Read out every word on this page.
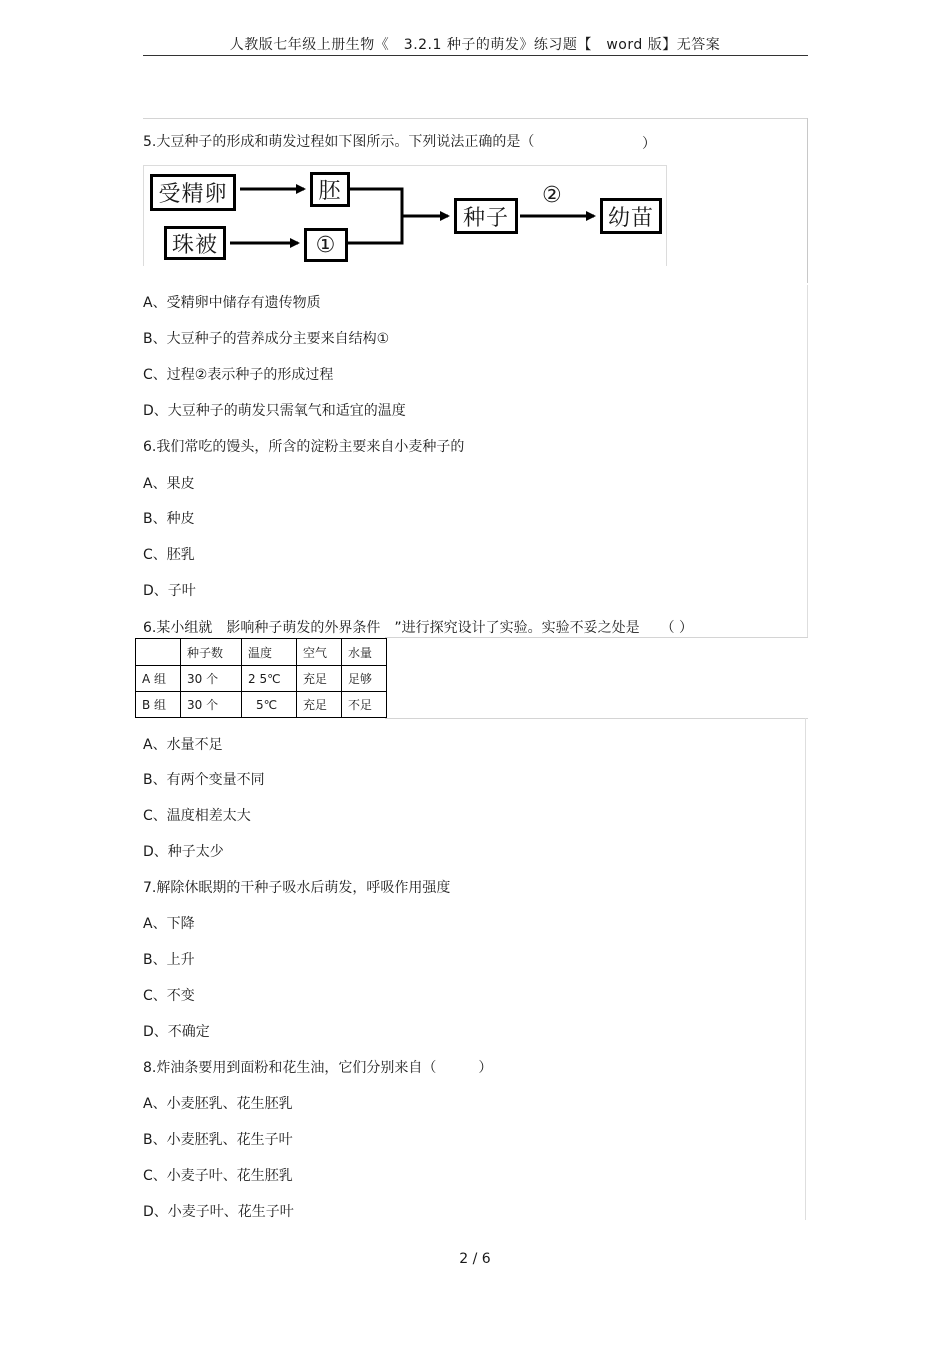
人教版七年级上册生物《　3.2.1 种子的萌发》练习题【　word 版】无答案
5.大豆种子的形成和萌发过程如下图所示。下列说法正确的是（	）
受精卵	胚
珠被	①
种子	幼苗
②
A、受精卵中储存有遗传物质
B、大豆种子的营养成分主要来自结构①
C、过程②表示种子的形成过程
D、大豆种子的萌发只需氧气和适宜的温度
6.我们常吃的馒头，所含的淀粉主要来自小麦种子的
A、果皮
B、种皮
C、胚乳
D、子叶
6.某小组就　影响种子萌发的外界条件　”进行探究设计了实验。实验不妥之处是　　（ ）
	种子数	温度	空气	水量
A 组	30 个	2 5℃	充足	足够
B 组	30 个	5℃	充足	不足
A、水量不足
B、有两个变量不同
C、温度相差太大
D、种子太少
7.解除休眠期的干种子吸水后萌发，呼吸作用强度
A、下降
B、上升
C、不变
D、不确定
8.炸油条要用到面粉和花生油，它们分别来自（　　　）
A、小麦胚乳、花生胚乳
B、小麦胚乳、花生子叶
C、小麦子叶、花生胚乳
D、小麦子叶、花生子叶
2 / 6
